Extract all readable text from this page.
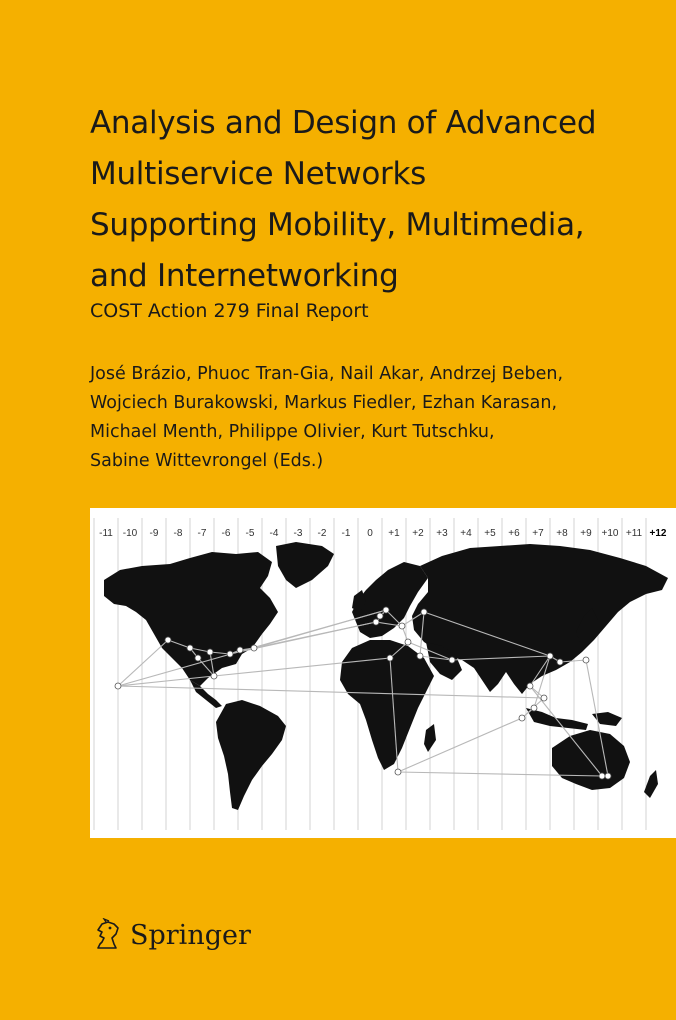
Analysis and Design of Advanced
Multiservice Networks
Supporting Mobility, Multimedia,
and Internetworking
COST Action 279 Final Report
José Brázio, Phuoc Tran-Gia, Nail Akar, Andrzej Beben,
Wojciech Burakowski, Markus Fiedler, Ezhan Karasan,
Michael Menth, Philippe Olivier, Kurt Tutschku,
Sabine Wittevrongel (Eds.)
-11 -10 -9 -8 -7 -6 -5 -4 -3 -2 -1 0 +1 +2 +3 +4 +5 +6 +7 +8 +9 +10 +11 +12
Springer
